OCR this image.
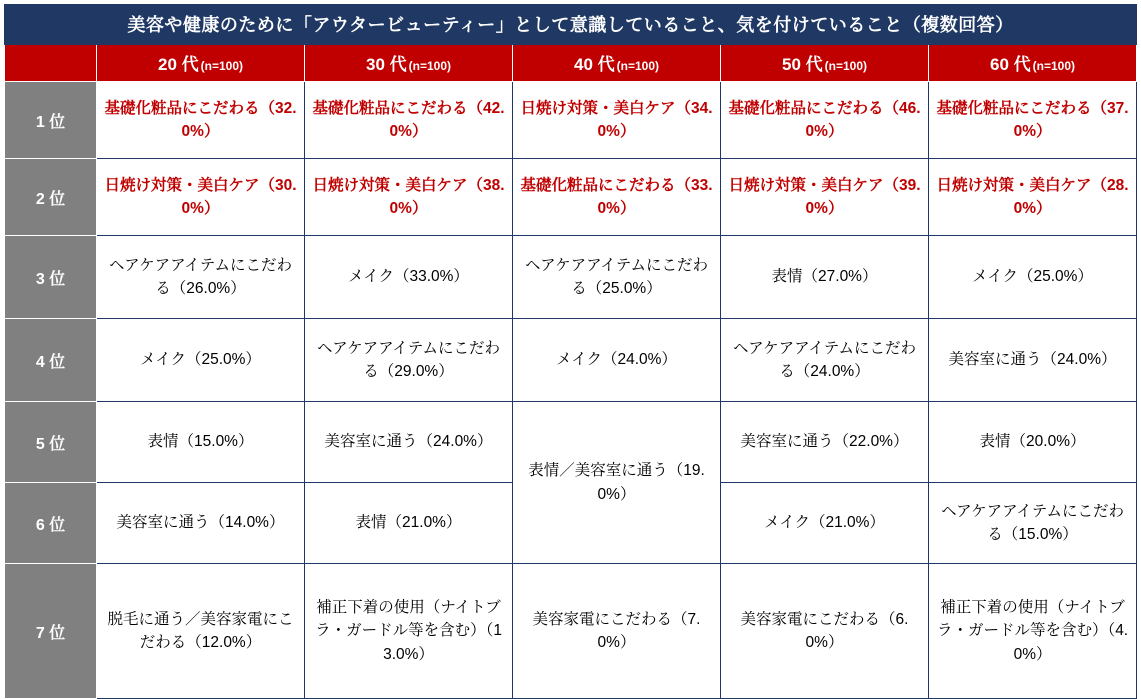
美容や健康のために「アウタービューティー」として意識していること、気を付けていること（複数回答）					
	20 代 (n=100)	30 代 (n=100)	40 代 (n=100)	50 代 (n=100)	60 代 (n=100)
1 位	基礎化粧品にこだわる（32.0%）	基礎化粧品にこだわる（42.0%）	日焼け対策・美白ケア（34.0%）	基礎化粧品にこだわる（46.0%）	基礎化粧品にこだわる（37.0%）
2 位	日焼け対策・美白ケア（30.0%）	日焼け対策・美白ケア（38.0%）	基礎化粧品にこだわる（33.0%）	日焼け対策・美白ケア（39.0%）	日焼け対策・美白ケア（28.0%）
3 位	ヘアケアアイテムにこだわる（26.0%）	メイク（33.0%）	ヘアケアアイテムにこだわる（25.0%）	表情（27.0%）	メイク（25.0%）
4 位	メイク（25.0%）	ヘアケアアイテムにこだわる（29.0%）	メイク（24.0%）	ヘアケアアイテムにこだわる（24.0%）	美容室に通う（24.0%）
5 位	表情（15.0%）	美容室に通う（24.0%）	表情／美容室に通う（19.0%）	美容室に通う（22.0%）	表情（20.0%）
6 位	美容室に通う（14.0%）	表情（21.0%）		メイク（21.0%）	ヘアケアアイテムにこだわる（15.0%）
7 位	脱毛に通う／美容家電にこだわる（12.0%）	補正下着の使用（ナイトブラ・ガードル等を含む）（13.0%）	美容家電にこだわる（7.0%）	美容家電にこだわる（6.0%）	補正下着の使用（ナイトブラ・ガードル等を含む）（4.0%）
